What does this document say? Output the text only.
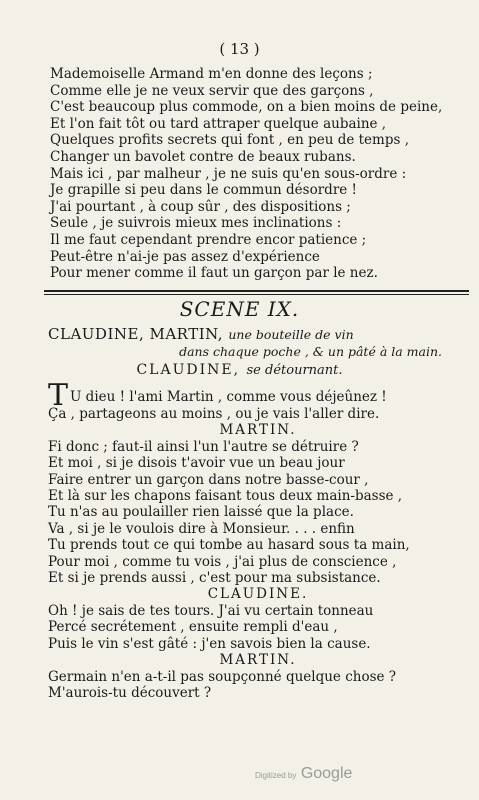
( 13 )
Mademoiselle Armand m'en donne des leçons ;
Comme elle je ne veux servir que des garçons ,
C'est beaucoup plus commode, on a bien moins de peine,
Et l'on fait tôt ou tard attraper quelque aubaine ,
Quelques profits secrets qui font , en peu de temps ,
Changer un bavolet contre de beaux rubans.
Mais ici , par malheur , je ne suis qu'en sous-ordre :
Je grapille si peu dans le commun désordre !
J'ai pourtant , à coup sûr , des dispositions ;
Seule , je suivrois mieux mes inclinations :
Il me faut cependant prendre encor patience ;
Peut-être n'ai-je pas assez d'expérience
Pour mener comme il faut un garçon par le nez.
SCENE IX.
CLAUDINE, MARTIN, une bouteille de vin
dans chaque poche , & un pâté à la main.
CLAUDINE, se détournant.
T U dieu ! l'ami Martin , comme vous déjeûnez !
Ça , partageons au moins , ou je vais l'aller dire.
MARTIN.
Fi donc ; faut-il ainsi l'un l'autre se détruire ?
Et moi , si je disois t'avoir vue un beau jour
Faire entrer un garçon dans notre basse-cour ,
Et là sur les chapons faisant tous deux main-basse ,
Tu n'as au poulailler rien laissé que la place.
Va , si je le voulois dire à Monsieur. . . . enfin
Tu prends tout ce qui tombe au hasard sous ta main,
Pour moi , comme tu vois , j'ai plus de conscience ,
Et si je prends aussi , c'est pour ma subsistance.
CLAUDINE.
Oh ! je sais de tes tours. J'ai vu certain tonneau
Percé secrétement , ensuite rempli d'eau ,
Puis le vin s'est gâté : j'en savois bien la cause.
MARTIN.
Germain n'en a-t-il pas soupçonné quelque chose ?
M'aurois-tu découvert ?
Digitized by Google
